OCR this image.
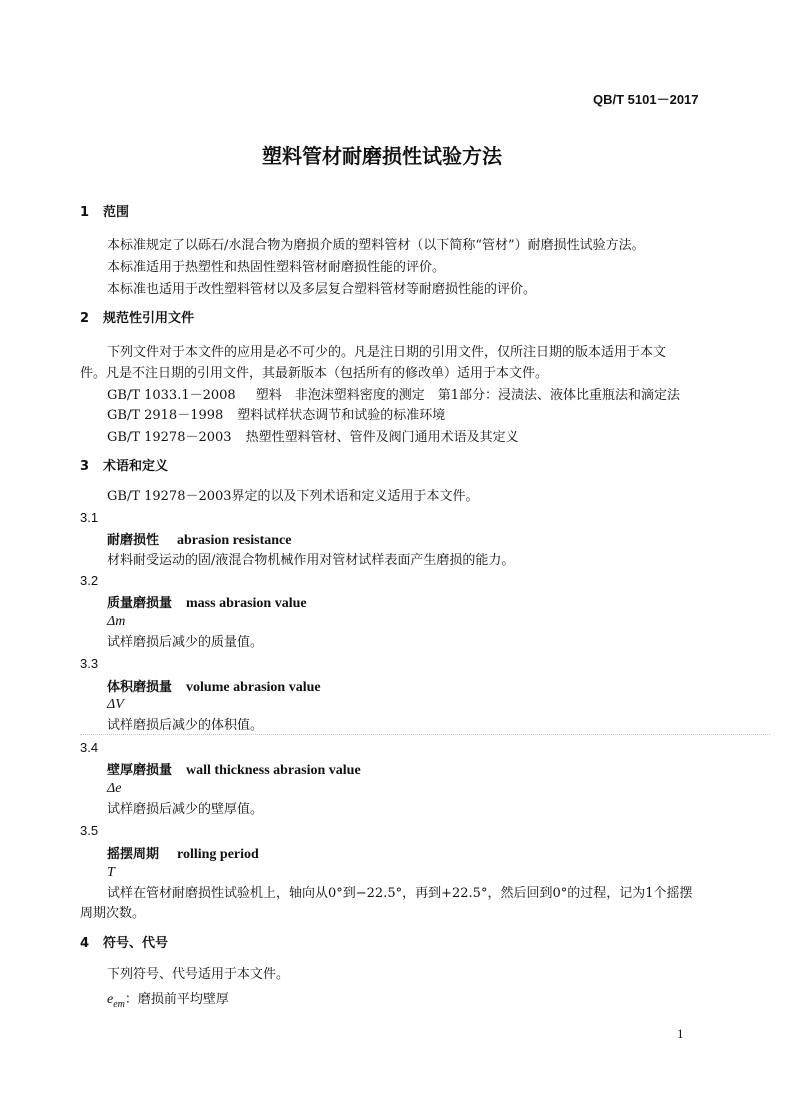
QB/T 5101－2017
塑料管材耐磨损性试验方法
1 范围
本标准规定了以砾石/水混合物为磨损介质的塑料管材（以下简称“管材”）耐磨损性试验方法。
本标准适用于热塑性和热固性塑料管材耐磨损性能的评价。
本标准也适用于改性塑料管材以及多层复合塑料管材等耐磨损性能的评价。
2 规范性引用文件
下列文件对于本文件的应用是必不可少的。凡是注日期的引用文件，仅所注日期的版本适用于本文
件。凡是不注日期的引用文件，其最新版本（包括所有的修改单）适用于本文件。
GB/T 1033.1－2008 塑料　非泡沫塑料密度的测定　第1部分：浸渍法、液体比重瓶法和滴定法
GB/T 2918－1998 塑料试样状态调节和试验的标准环境
GB/T 19278－2003 热塑性塑料管材、管件及阀门通用术语及其定义
3 术语和定义
GB/T 19278－2003界定的以及下列术语和定义适用于本文件。
3.1
耐磨损性 abrasion resistance
材料耐受运动的固/液混合物机械作用对管材试样表面产生磨损的能力。
3.2
质量磨损量 mass abrasion value
Δm
试样磨损后减少的质量值。
3.3
体积磨损量 volume abrasion value
ΔV
试样磨损后减少的体积值。
3.4
壁厚磨损量 wall thickness abrasion value
Δe
试样磨损后减少的壁厚值。
3.5
摇摆周期 rolling period
T
试样在管材耐磨损性试验机上，轴向从0°到−22.5°，再到+22.5°，然后回到0°的过程，记为1个摇摆
周期次数。
4 符号、代号
下列符号、代号适用于本文件。
$e_{em}$：磨损前平均壁厚
1
